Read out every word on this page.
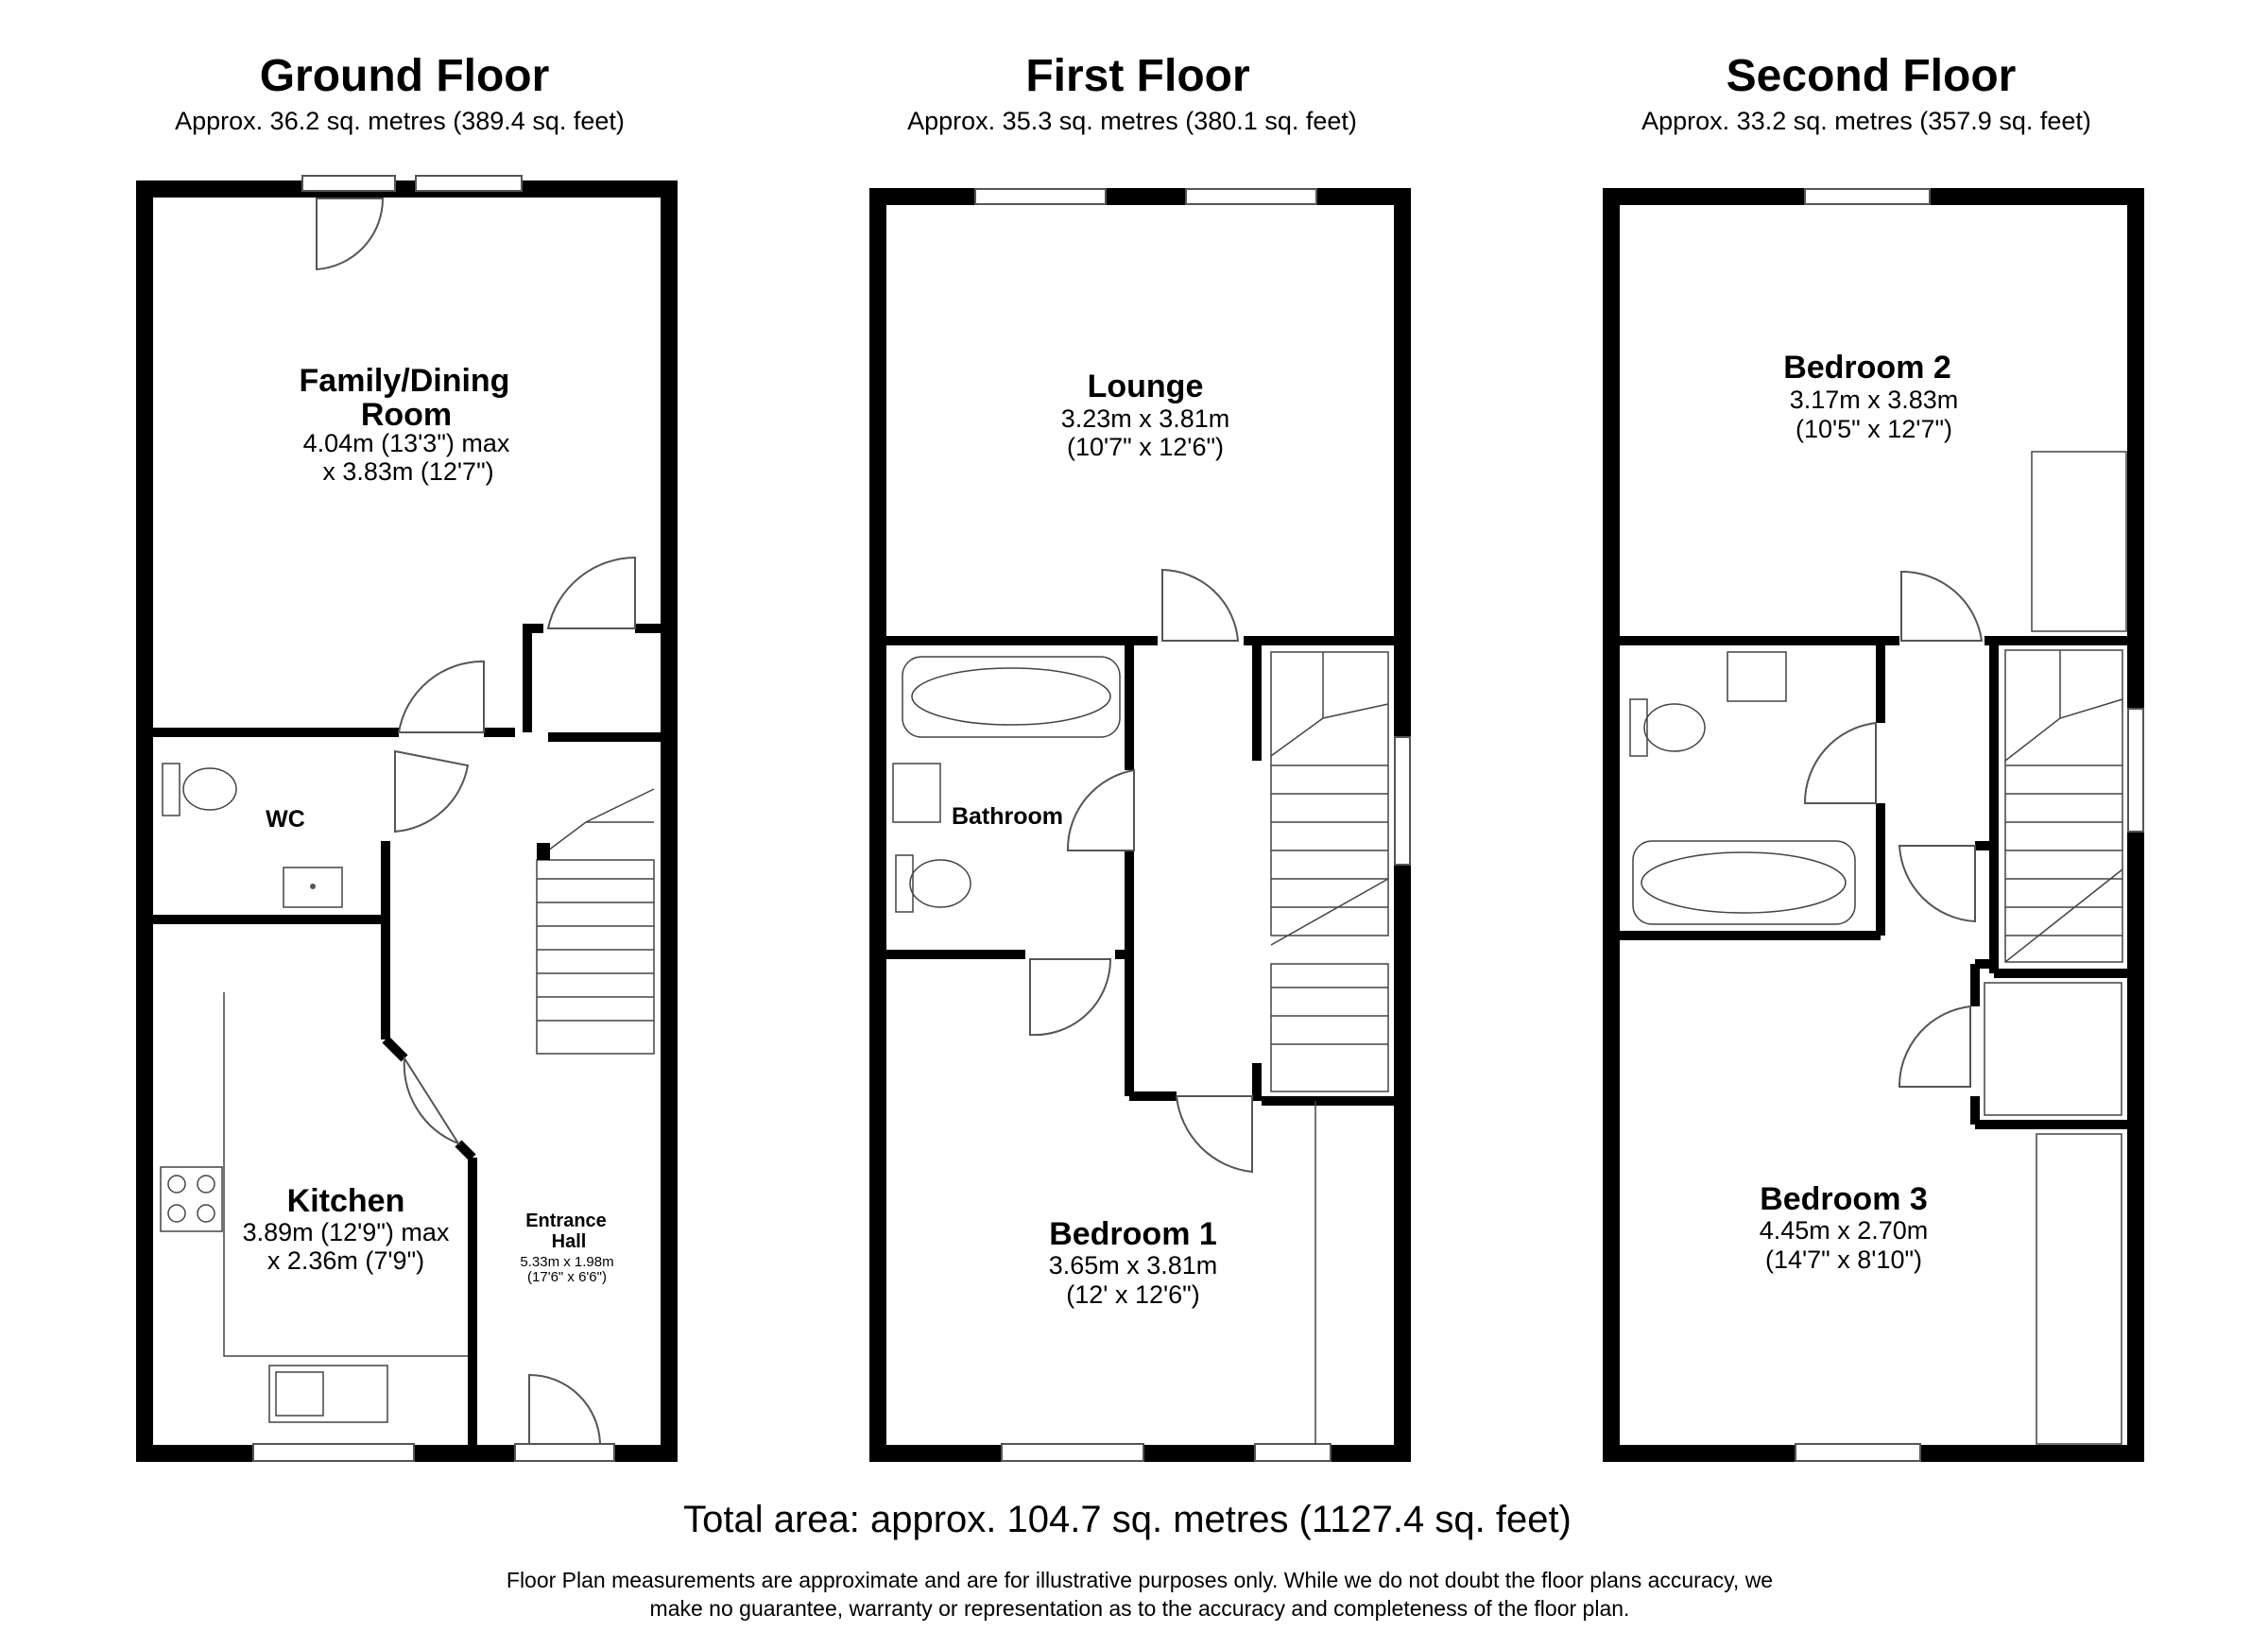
Ground Floor
Approx. 36.2 sq. metres (389.4 sq. feet)
Family/Dining
Room
4.04m (13'3") max
x 3.83m (12'7")
WC
Kitchen
3.89m (12'9") max
x 2.36m (7'9")
Entrance
Hall
5.33m x 1.98m
(17'6" x 6'6")
First Floor
Approx. 35.3 sq. metres (380.1 sq. feet)
Lounge
3.23m x 3.81m
(10'7" x 12'6")
Bathroom
Bedroom 1
3.65m x 3.81m
(12' x 12'6")
Second Floor
Approx. 33.2 sq. metres (357.9 sq. feet)
Bedroom 2
3.17m x 3.83m
(10'5" x 12'7")
Bedroom 3
4.45m x 2.70m
(14'7" x 8'10")
Total area: approx. 104.7 sq. metres (1127.4 sq. feet)
Floor Plan measurements are approximate and are for illustrative purposes only. While we do not doubt the floor plans accuracy, we
make no guarantee, warranty or representation as to the accuracy and completeness of the floor plan.
